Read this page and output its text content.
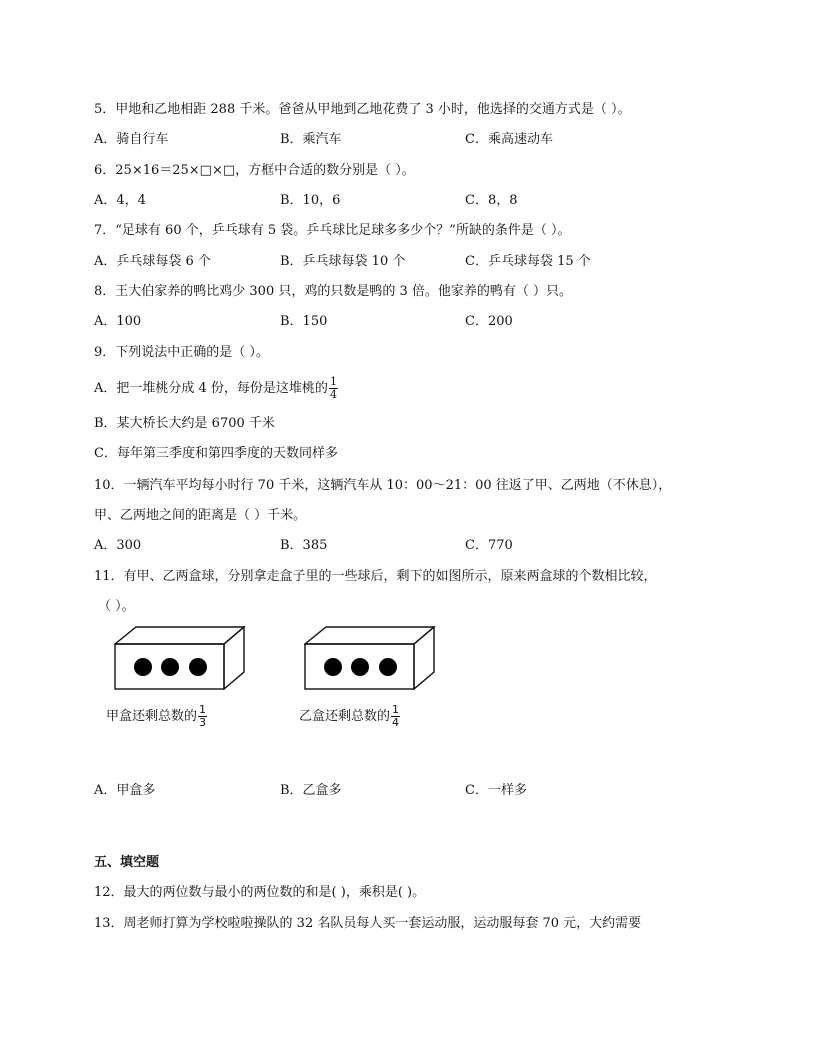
5．甲地和乙地相距 288 千米。爸爸从甲地到乙地花费了 3 小时，他选择的交通方式是（ ）。
A．骑自行车	B．乘汽车	C．乘高速动车
6．25×16＝25×□×□，方框中合适的数分别是（ ）。
A．4，4	B．10，6	C．8，8
7．“足球有 60 个，乒乓球有 5 袋。乒乓球比足球多多少个？”所缺的条件是（ ）。
A．乒乓球每袋 6 个	B．乒乓球每袋 10 个	C．乒乓球每袋 15 个
8．王大伯家养的鸭比鸡少 300 只，鸡的只数是鸭的 3 倍。他家养的鸭有（ ）只。
A．100	B．150	C．200
9．下列说法中正确的是（ ）。
A．把一堆桃分成 4 份，每份是这堆桃的 $\frac{1}{4}$
B．某大桥长大约是 6700 千米
C．每年第三季度和第四季度的天数同样多
10．一辆汽车平均每小时行 70 千米，这辆汽车从 10：00～21：00 往返了甲、乙两地（不休息），
甲、乙两地之间的距离是（ ）千米。
A．300	B．385	C．770
11．有甲、乙两盒球，分别拿走盒子里的一些球后，剩下的如图所示，原来两盒球的个数相比较，
（ ）。
甲盒还剩总数的 $\frac{1}{3}$	乙盒还剩总数的 $\frac{1}{4}$
A．甲盒多	B．乙盒多	C．一样多
五、填空题
12．最大的两位数与最小的两位数的和是( )，乘积是( )。
13．周老师打算为学校啦啦操队的 32 名队员每人买一套运动服，运动服每套 70 元，大约需要
